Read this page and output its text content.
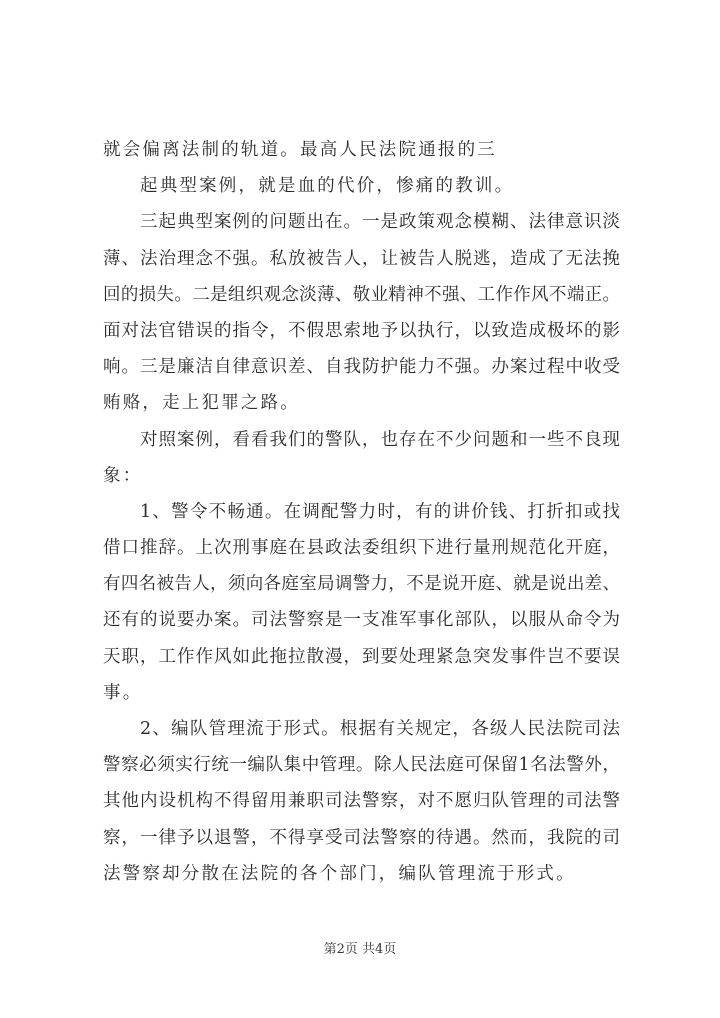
就会偏离法制的轨道。最高人民法院通报的三
起典型案例，就是血的代价，惨痛的教训。
三起典型案例的问题出在。一是政策观念模糊、法律意识淡
薄、法治理念不强。私放被告人，让被告人脱逃，造成了无法挽
回的损失。二是组织观念淡薄、敬业精神不强、工作作风不端正。
面对法官错误的指令，不假思索地予以执行，以致造成极坏的影
响。三是廉洁自律意识差、自我防护能力不强。办案过程中收受
贿赂，走上犯罪之路。
对照案例，看看我们的警队，也存在不少问题和一些不良现
象：
1、警令不畅通。在调配警力时，有的讲价钱、打折扣或找
借口推辞。上次刑事庭在县政法委组织下进行量刑规范化开庭，
有四名被告人，须向各庭室局调警力，不是说开庭、就是说出差、
还有的说要办案。司法警察是一支准军事化部队，以服从命令为
天职，工作作风如此拖拉散漫，到要处理紧急突发事件岂不要误
事。
2、编队管理流于形式。根据有关规定，各级人民法院司法
警察必须实行统一编队集中管理。除人民法庭可保留1名法警外，
其他内设机构不得留用兼职司法警察，对不愿归队管理的司法警
察，一律予以退警，不得享受司法警察的待遇。然而，我院的司
法警察却分散在法院的各个部门，编队管理流于形式。
第2页 共4页
